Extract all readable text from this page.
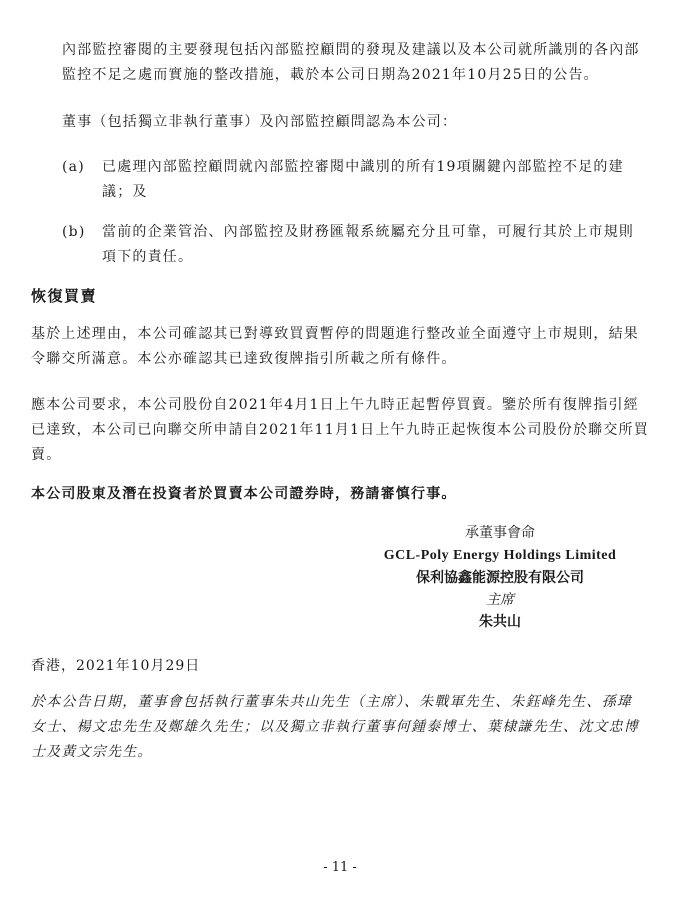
內部監控審閱的主要發現包括內部監控顧問的發現及建議以及本公司就所識別的各內部監控不足之處而實施的整改措施，載於本公司日期為2021年10月25日的公告。

董事（包括獨立非執行董事）及內部監控顧問認為本公司：

(a)	已處理內部監控顧問就內部監控審閱中識別的所有19項關鍵內部監控不足的建議；及
(b)	當前的企業管治、內部監控及財務匯報系統屬充分且可靠，可履行其於上市規則項下的責任。
恢復買賣

基於上述理由，本公司確認其已對導致買賣暫停的問題進行整改並全面遵守上市規則，結果令聯交所滿意。本公亦確認其已達致復牌指引所載之所有條件。

應本公司要求，本公司股份自2021年4月1日上午九時正起暫停買賣。鑒於所有復牌指引經已達致，本公司已向聯交所申請自2021年11月1日上午九時正起恢復本公司股份於聯交所買賣。

本公司股東及潛在投資者於買賣本公司證券時，務請審慎行事。

承董事會命
GCL-Poly Energy Holdings Limited
保利協鑫能源控股有限公司
主席
朱共山
香港，2021年10月29日
於本公告日期，董事會包括執行董事朱共山先生（主席）、朱戰軍先生、朱鈺峰先生、孫瑋女士、楊文忠先生及鄭雄久先生；以及獨立非執行董事何鍾泰博士、葉棣謙先生、沈文忠博士及黃文宗先生。
- 11 -
